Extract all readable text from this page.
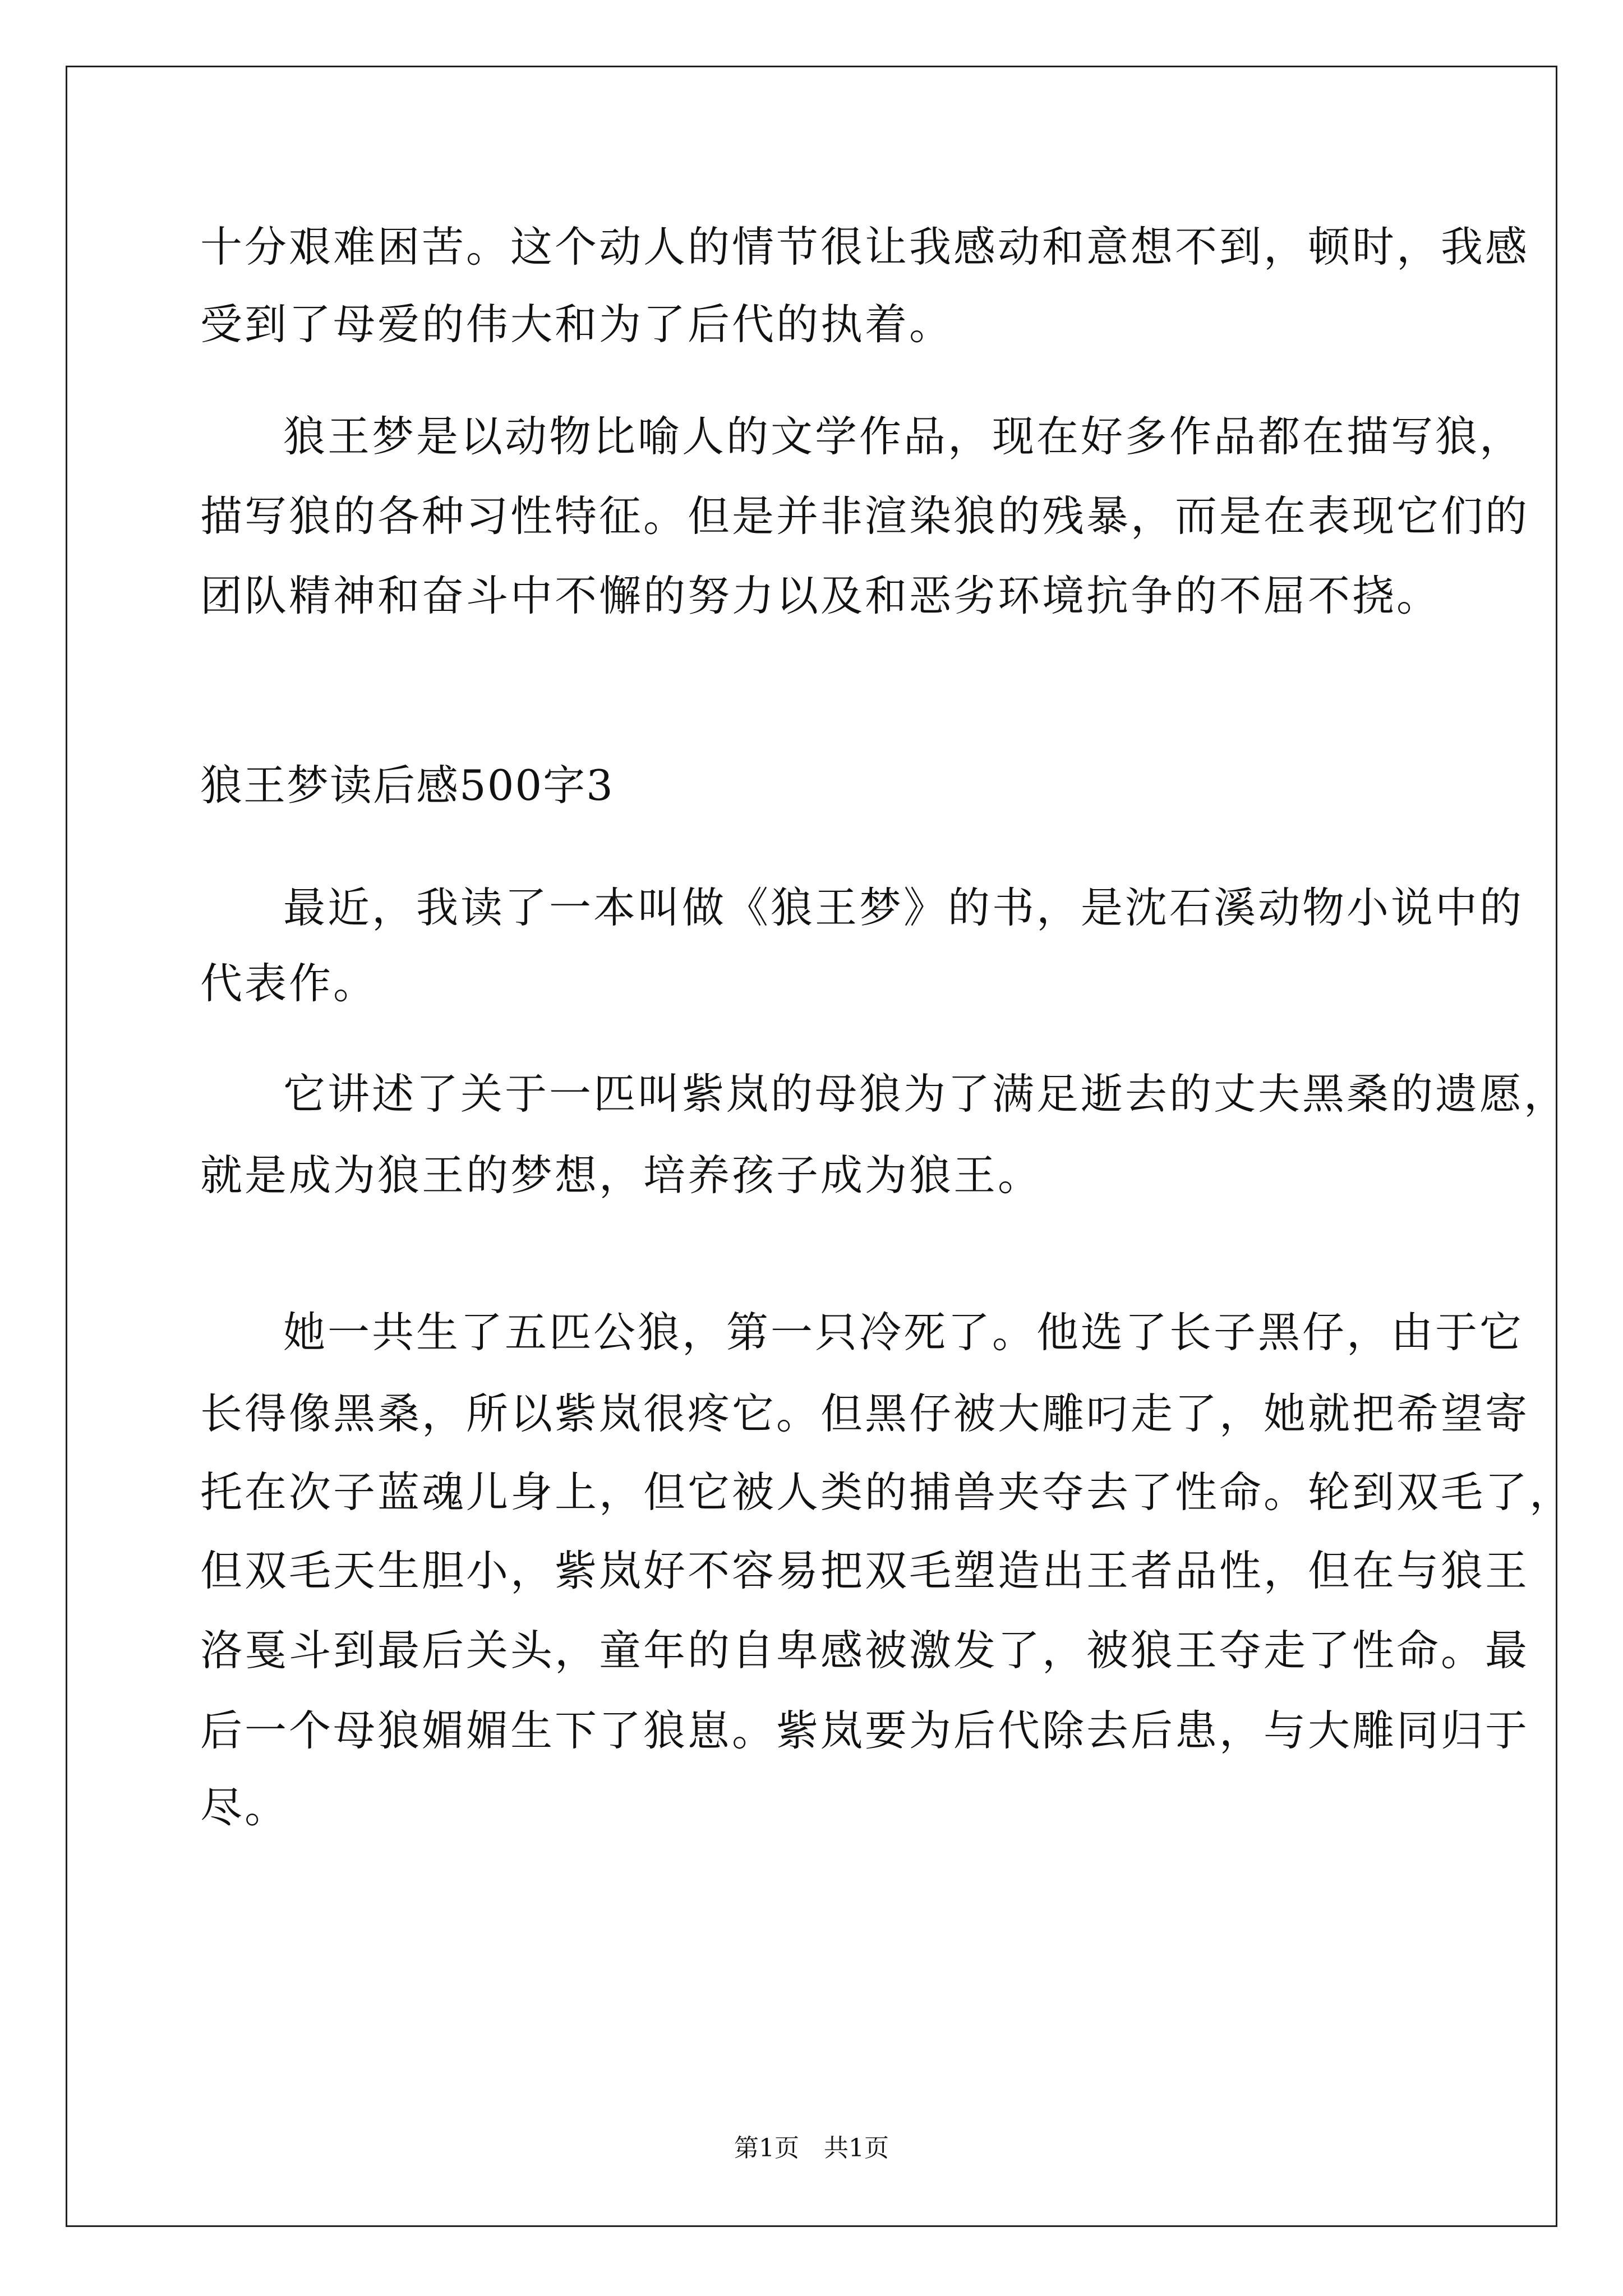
十分艰难困苦。这个动人的情节很让我感动和意想不到，顿时，我感
受到了母爱的伟大和为了后代的执着。
狼王梦是以动物比喻人的文学作品，现在好多作品都在描写狼，
描写狼的各种习性特征。但是并非渲染狼的残暴，而是在表现它们的
团队精神和奋斗中不懈的努力以及和恶劣环境抗争的不屈不挠。
狼王梦读后感500字3
最近，我读了一本叫做《狼王梦》的书，是沈石溪动物小说中的
代表作。
它讲述了关于一匹叫紫岚的母狼为了满足逝去的丈夫黑桑的遗愿，
就是成为狼王的梦想，培养孩子成为狼王。
她一共生了五匹公狼，第一只冷死了。他选了长子黑仔，由于它
长得像黑桑，所以紫岚很疼它。但黑仔被大雕叼走了，她就把希望寄
托在次子蓝魂儿身上，但它被人类的捕兽夹夺去了性命。轮到双毛了，
但双毛天生胆小，紫岚好不容易把双毛塑造出王者品性，但在与狼王
洛戛斗到最后关头，童年的自卑感被激发了，被狼王夺走了性命。最
后一个母狼媚媚生下了狼崽。紫岚要为后代除去后患，与大雕同归于
尽。
第1页　共1页
